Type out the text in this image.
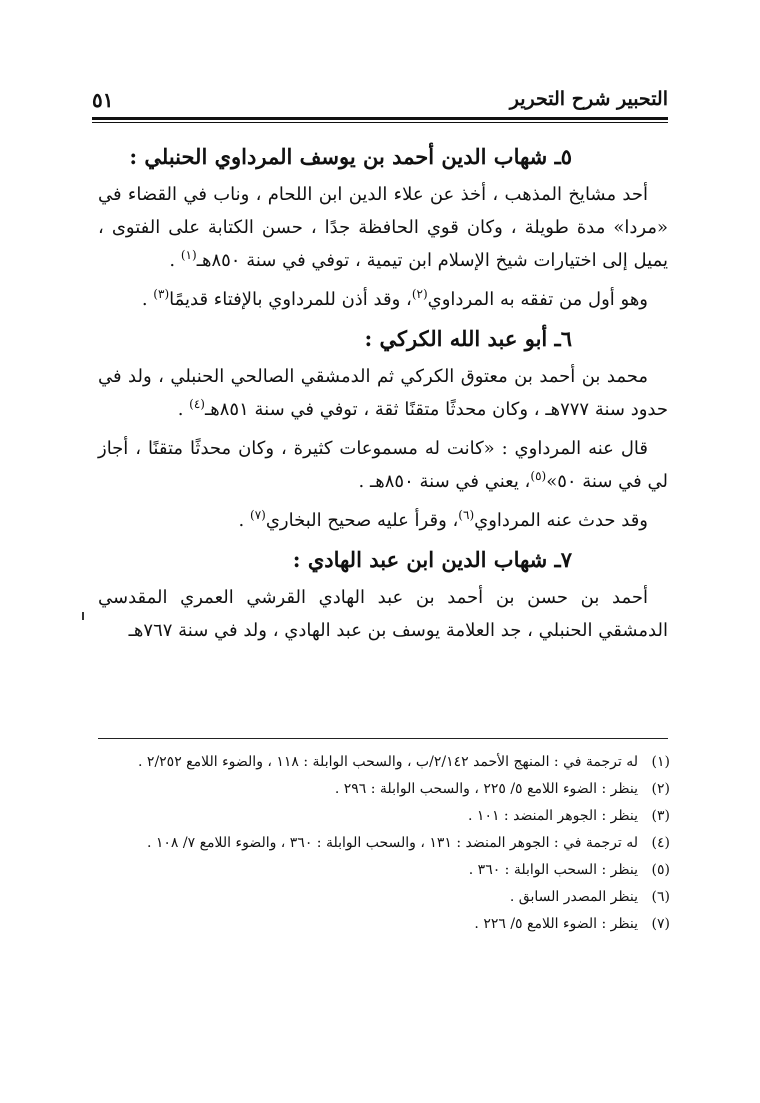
التحبير شرح التحرير
٥١
٥ـ شهاب الدين أحمد بن يوسف المرداوي الحنبلي :

أحد مشايخ المذهب ، أخذ عن علاء الدين ابن اللحام ، وناب في القضاء في «مردا» مدة طويلة ، وكان قوي الحافظة جدًا ، حسن الكتابة على الفتوى ، يميل إلى اختيارات شيخ الإسلام ابن تيمية ، توفي في سنة ٨٥٠هـ$^{(١)}$ .

وهو أول من تفقه به المرداوي$^{(٢)}$، وقد أذن للمرداوي بالإفتاء قديمًا$^{(٣)}$ .

٦ـ أبو عبد الله الكركي :

محمد بن أحمد بن معتوق الكركي ثم الدمشقي الصالحي الحنبلي ، ولد في حدود سنة ٧٧٧هـ ، وكان محدثًا متقنًا ثقة ، توفي في سنة ٨٥١هـ$^{(٤)}$ .

قال عنه المرداوي : «كانت له مسموعات كثيرة ، وكان محدثًا متقنًا ، أجاز لي في سنة ٥٠»$^{(٥)}$، يعني في سنة ٨٥٠هـ .

وقد حدث عنه المرداوي$^{(٦)}$، وقرأ عليه صحيح البخاري$^{(٧)}$ .

٧ـ شهاب الدين ابن عبد الهادي :

أحمد بن حسن بن أحمد بن عبد الهادي القرشي العمري المقدسي الدمشقي الحنبلي ، جد العلامة يوسف بن عبد الهادي ، ولد في سنة ٧٦٧هـ

(١)
له ترجمة في : المنهج الأحمد ٢/١٤٢/ب ، والسحب الوابلة : ١١٨ ، والضوء اللامع ٢/٢٥٢ .
(٢)
ينظر : الضوء اللامع ٥/ ٢٢٥ ، والسحب الوابلة : ٢٩٦ .
(٣)
ينظر : الجوهر المنضد : ١٠١ .
(٤)
له ترجمة في : الجوهر المنضد : ١٣١ ، والسحب الوابلة : ٣٦٠ ، والضوء اللامع ٧/ ١٠٨ .
(٥)
ينظر : السحب الوابلة : ٣٦٠ .
(٦)
ينظر المصدر السابق .
(٧)
ينظر : الضوء اللامع ٥/ ٢٢٦ .
